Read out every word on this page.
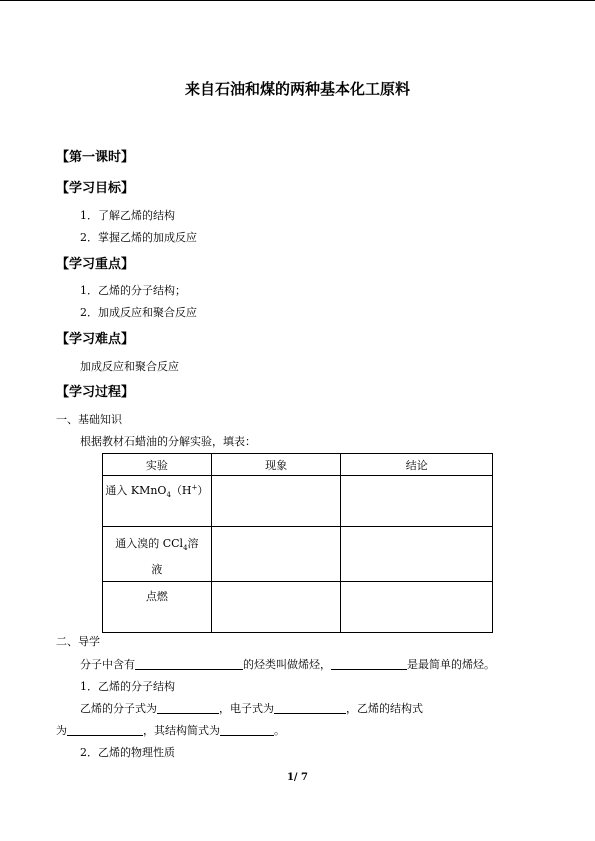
来自石油和煤的两种基本化工原料
【第一课时】
【学习目标】
1．了解乙烯的结构
2．掌握乙烯的加成反应
【学习重点】
1．乙烯的分子结构；
2．加成反应和聚合反应
【学习难点】
加成反应和聚合反应
【学习过程】
一、基础知识
根据教材石蜡油的分解实验，填表：
实验	现象	结论
通入 KMnO$_4$（H+）		
通入溴的 CCl$_4$溶
液		
点燃		
二、导学
分子中含有	的烃类叫做烯烃，	是最简单的烯烃。
1．乙烯的分子结构
乙烯的分子式为	，电子式为	，乙烯的结构式
为	，其结构简式为	。
2．乙烯的物理性质
1/ 7
